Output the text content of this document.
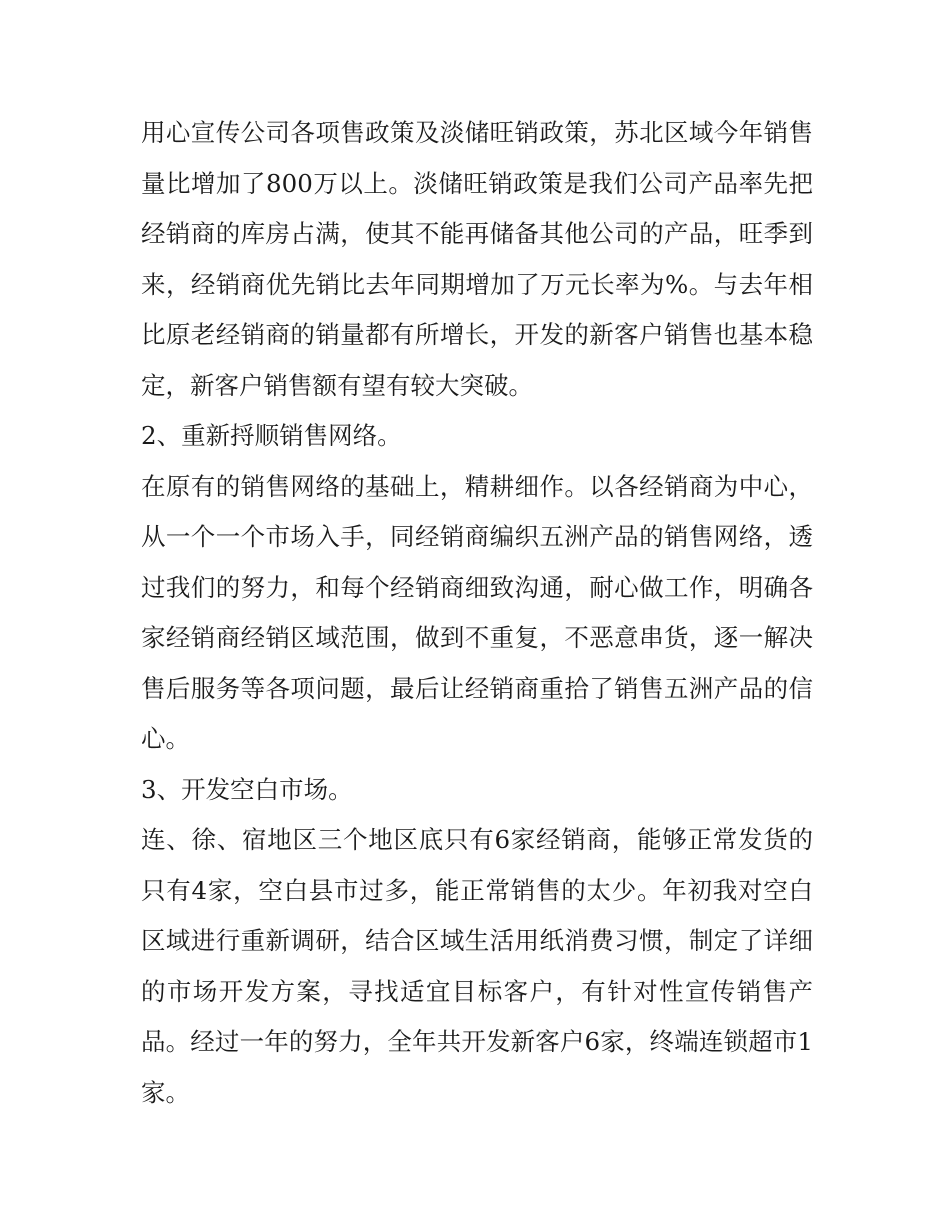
用心宣传公司各项售政策及淡储旺销政策，苏北区域今年销售量比增加了800万以上。淡储旺销政策是我们公司产品率先把经销商的库房占满，使其不能再储备其他公司的产品，旺季到来，经销商优先销比去年同期增加了万元长率为%。与去年相比原老经销商的销量都有所增长，开发的新客户销售也基本稳定，新客户销售额有望有较大突破。

2、重新捋顺销售网络。

在原有的销售网络的基础上，精耕细作。以各经销商为中心，从一个一个市场入手，同经销商编织五洲产品的销售网络，透过我们的努力，和每个经销商细致沟通，耐心做工作，明确各家经销商经销区域范围，做到不重复，不恶意串货，逐一解决售后服务等各项问题，最后让经销商重拾了销售五洲产品的信心。

3、开发空白市场。

连、徐、宿地区三个地区底只有6家经销商，能够正常发货的只有4家，空白县市过多，能正常销售的太少。年初我对空白区域进行重新调研，结合区域生活用纸消费习惯，制定了详细的市场开发方案，寻找适宜目标客户，有针对性宣传销售产品。经过一年的努力，全年共开发新客户6家，终端连锁超市1家。
